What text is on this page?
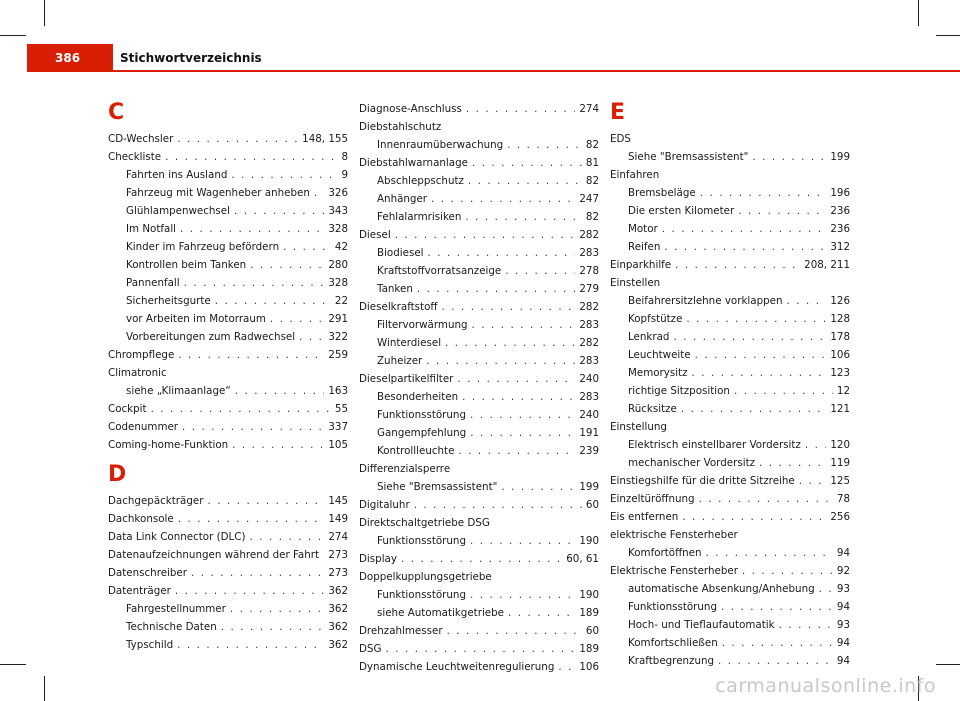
386	Stichwortverzeichnis
C
CD-Wechsler . . .	148, 155
Checkliste . . .	8
Fahrten ins Ausland . . .	9
Fahrzeug mit Wagenheber anheben . . . 326
Glühlampenwechsel . . .	343
Im Notfall . . .	328
Kinder im Fahrzeug befördern . . .	42
Kontrollen beim Tanken . . .	280
Pannenfall . . .	328
Sicherheitsgurte . . .	22
vor Arbeiten im Motorraum . . .	291
Vorbereitungen zum Radwechsel . . .	322
Chrompflege . . .	259
Climatronic
siehe „Klimaanlage“ . . .	163
Cockpit . . .	55
Codenummer . . .	337
Coming-home-Funktion . . .	105
D
Dachgepäckträger . . .	145
Dachkonsole . . .	149
Data Link Connector (DLC) . . .	274
Datenaufzeichnungen während der Fahrt . . . 273
Datenschreiber . . .	273
Datenträger . . .	362
Fahrgestellnummer . . .	362
Technische Daten . . .	362
Typschild . . .	362
Diagnose-Anschluss . . .	274
Diebstahlschutz
Innenraumüberwachung . . .	82
Diebstahlwarnanlage . . .	81
Abschleppschutz . . .	82
Anhänger . . .	247
Fehlalarmrisiken . . .	82
Diesel . . .	282
Biodiesel . . .	283
Kraftstoffvorratsanzeige . . .	278
Tanken . . .	279
Dieselkraftstoff . . .	282
Filtervorwärmung . . .	283
Winterdiesel . . .	282
Zuheizer . . .	283
Dieselpartikelfilter . . .	240
Besonderheiten . . .	283
Funktionsstörung . . .	240
Gangempfehlung . . .	191
Kontrollleuchte . . .	239
Differenzialsperre
Siehe "Bremsassistent" . . .	199
Digitaluhr . . .	60
Direktschaltgetriebe DSG
Funktionsstörung . . .	190
Display . . .	60, 61
Doppelkupplungsgetriebe
Funktionsstörung . . .	190
siehe Automatikgetriebe . . .	189
Drehzahlmesser . . .	60
DSG . . .	189
Dynamische Leuchtweitenregulierung . . . 106
E
EDS
Siehe "Bremsassistent" . . .	199
Einfahren
Bremsbeläge . . .	196
Die ersten Kilometer . . .	236
Motor . . .	236
Reifen . . .	312
Einparkhilfe . . .	208, 211
Einstellen
Beifahrersitzlehne vorklappen . . .	126
Kopfstütze . . .	128
Lenkrad . . .	178
Leuchtweite . . .	106
Memorysitz . . .	123
richtige Sitzposition . . .	12
Rücksitze . . .	121
Einstellung
Elektrisch einstellbarer Vordersitz . . .	120
mechanischer Vordersitz . . .	119
Einstiegshilfe für die dritte Sitzreihe . . .	125
Einzeltüröffnung . . .	78
Eis entfernen . . .	256
elektrische Fensterheber
Komfortöffnen . . .	94
Elektrische Fensterheber . . .	92
automatische Absenkung/Anhebung . . . 93
Funktionsstörung . . .	94
Hoch- und Tieflaufautomatik . . .	93
Komfortschließen . . .	94
Kraftbegrenzung . . .	94
carmanualsonline.info
